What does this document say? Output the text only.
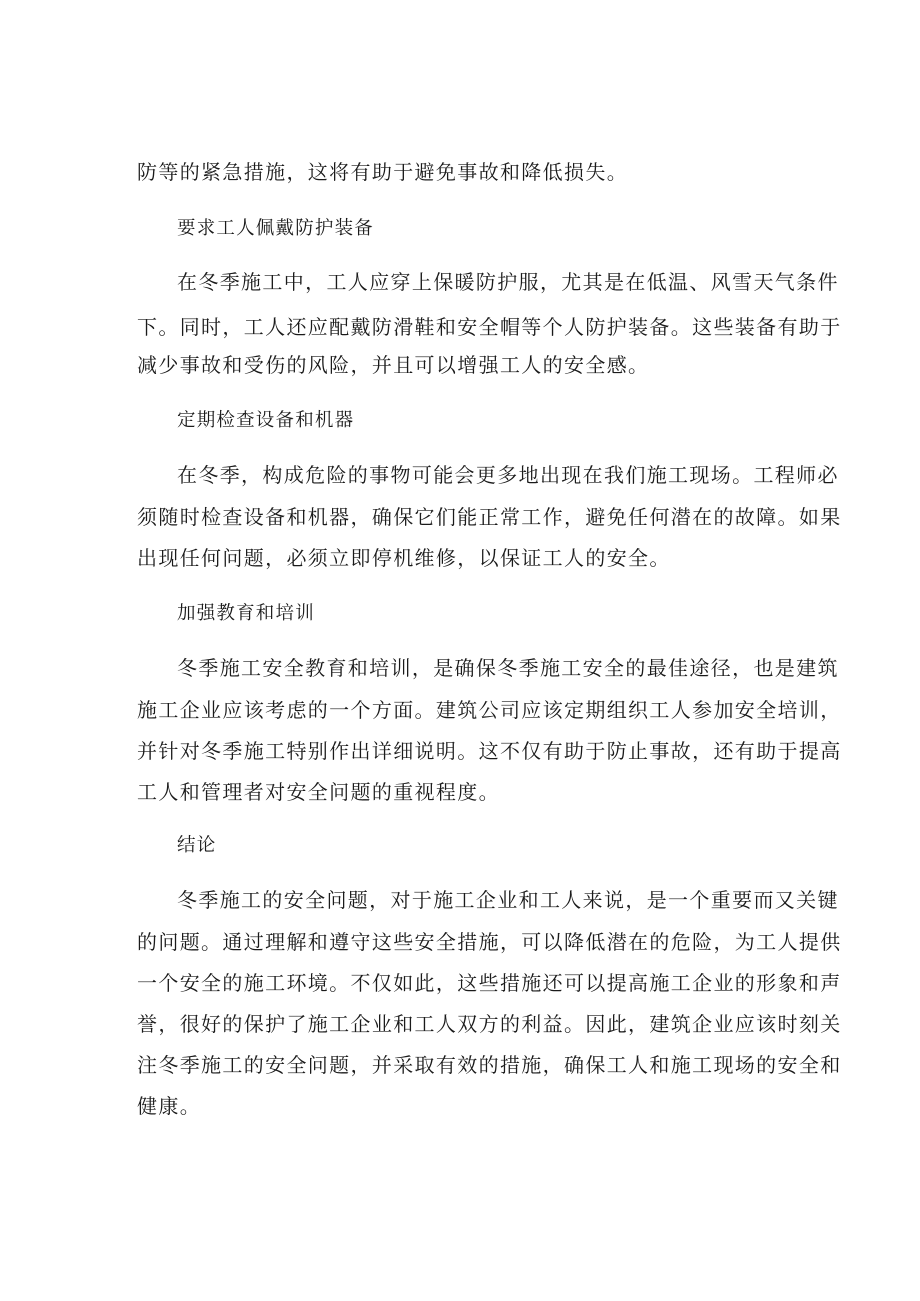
防等的紧急措施，这将有助于避免事故和降低损失。
要求工人佩戴防护装备
在冬季施工中，工人应穿上保暖防护服，尤其是在低温、风雪天气条件
下。同时，工人还应配戴防滑鞋和安全帽等个人防护装备。这些装备有助于
减少事故和受伤的风险，并且可以增强工人的安全感。
定期检查设备和机器
在冬季，构成危险的事物可能会更多地出现在我们施工现场。工程师必
须随时检查设备和机器，确保它们能正常工作，避免任何潜在的故障。如果
出现任何问题，必须立即停机维修，以保证工人的安全。
加强教育和培训
冬季施工安全教育和培训，是确保冬季施工安全的最佳途径，也是建筑
施工企业应该考虑的一个方面。建筑公司应该定期组织工人参加安全培训，
并针对冬季施工特别作出详细说明。这不仅有助于防止事故，还有助于提高
工人和管理者对安全问题的重视程度。
结论
冬季施工的安全问题，对于施工企业和工人来说，是一个重要而又关键
的问题。通过理解和遵守这些安全措施，可以降低潜在的危险，为工人提供
一个安全的施工环境。不仅如此，这些措施还可以提高施工企业的形象和声
誉，很好的保护了施工企业和工人双方的利益。因此，建筑企业应该时刻关
注冬季施工的安全问题，并采取有效的措施，确保工人和施工现场的安全和
健康。
